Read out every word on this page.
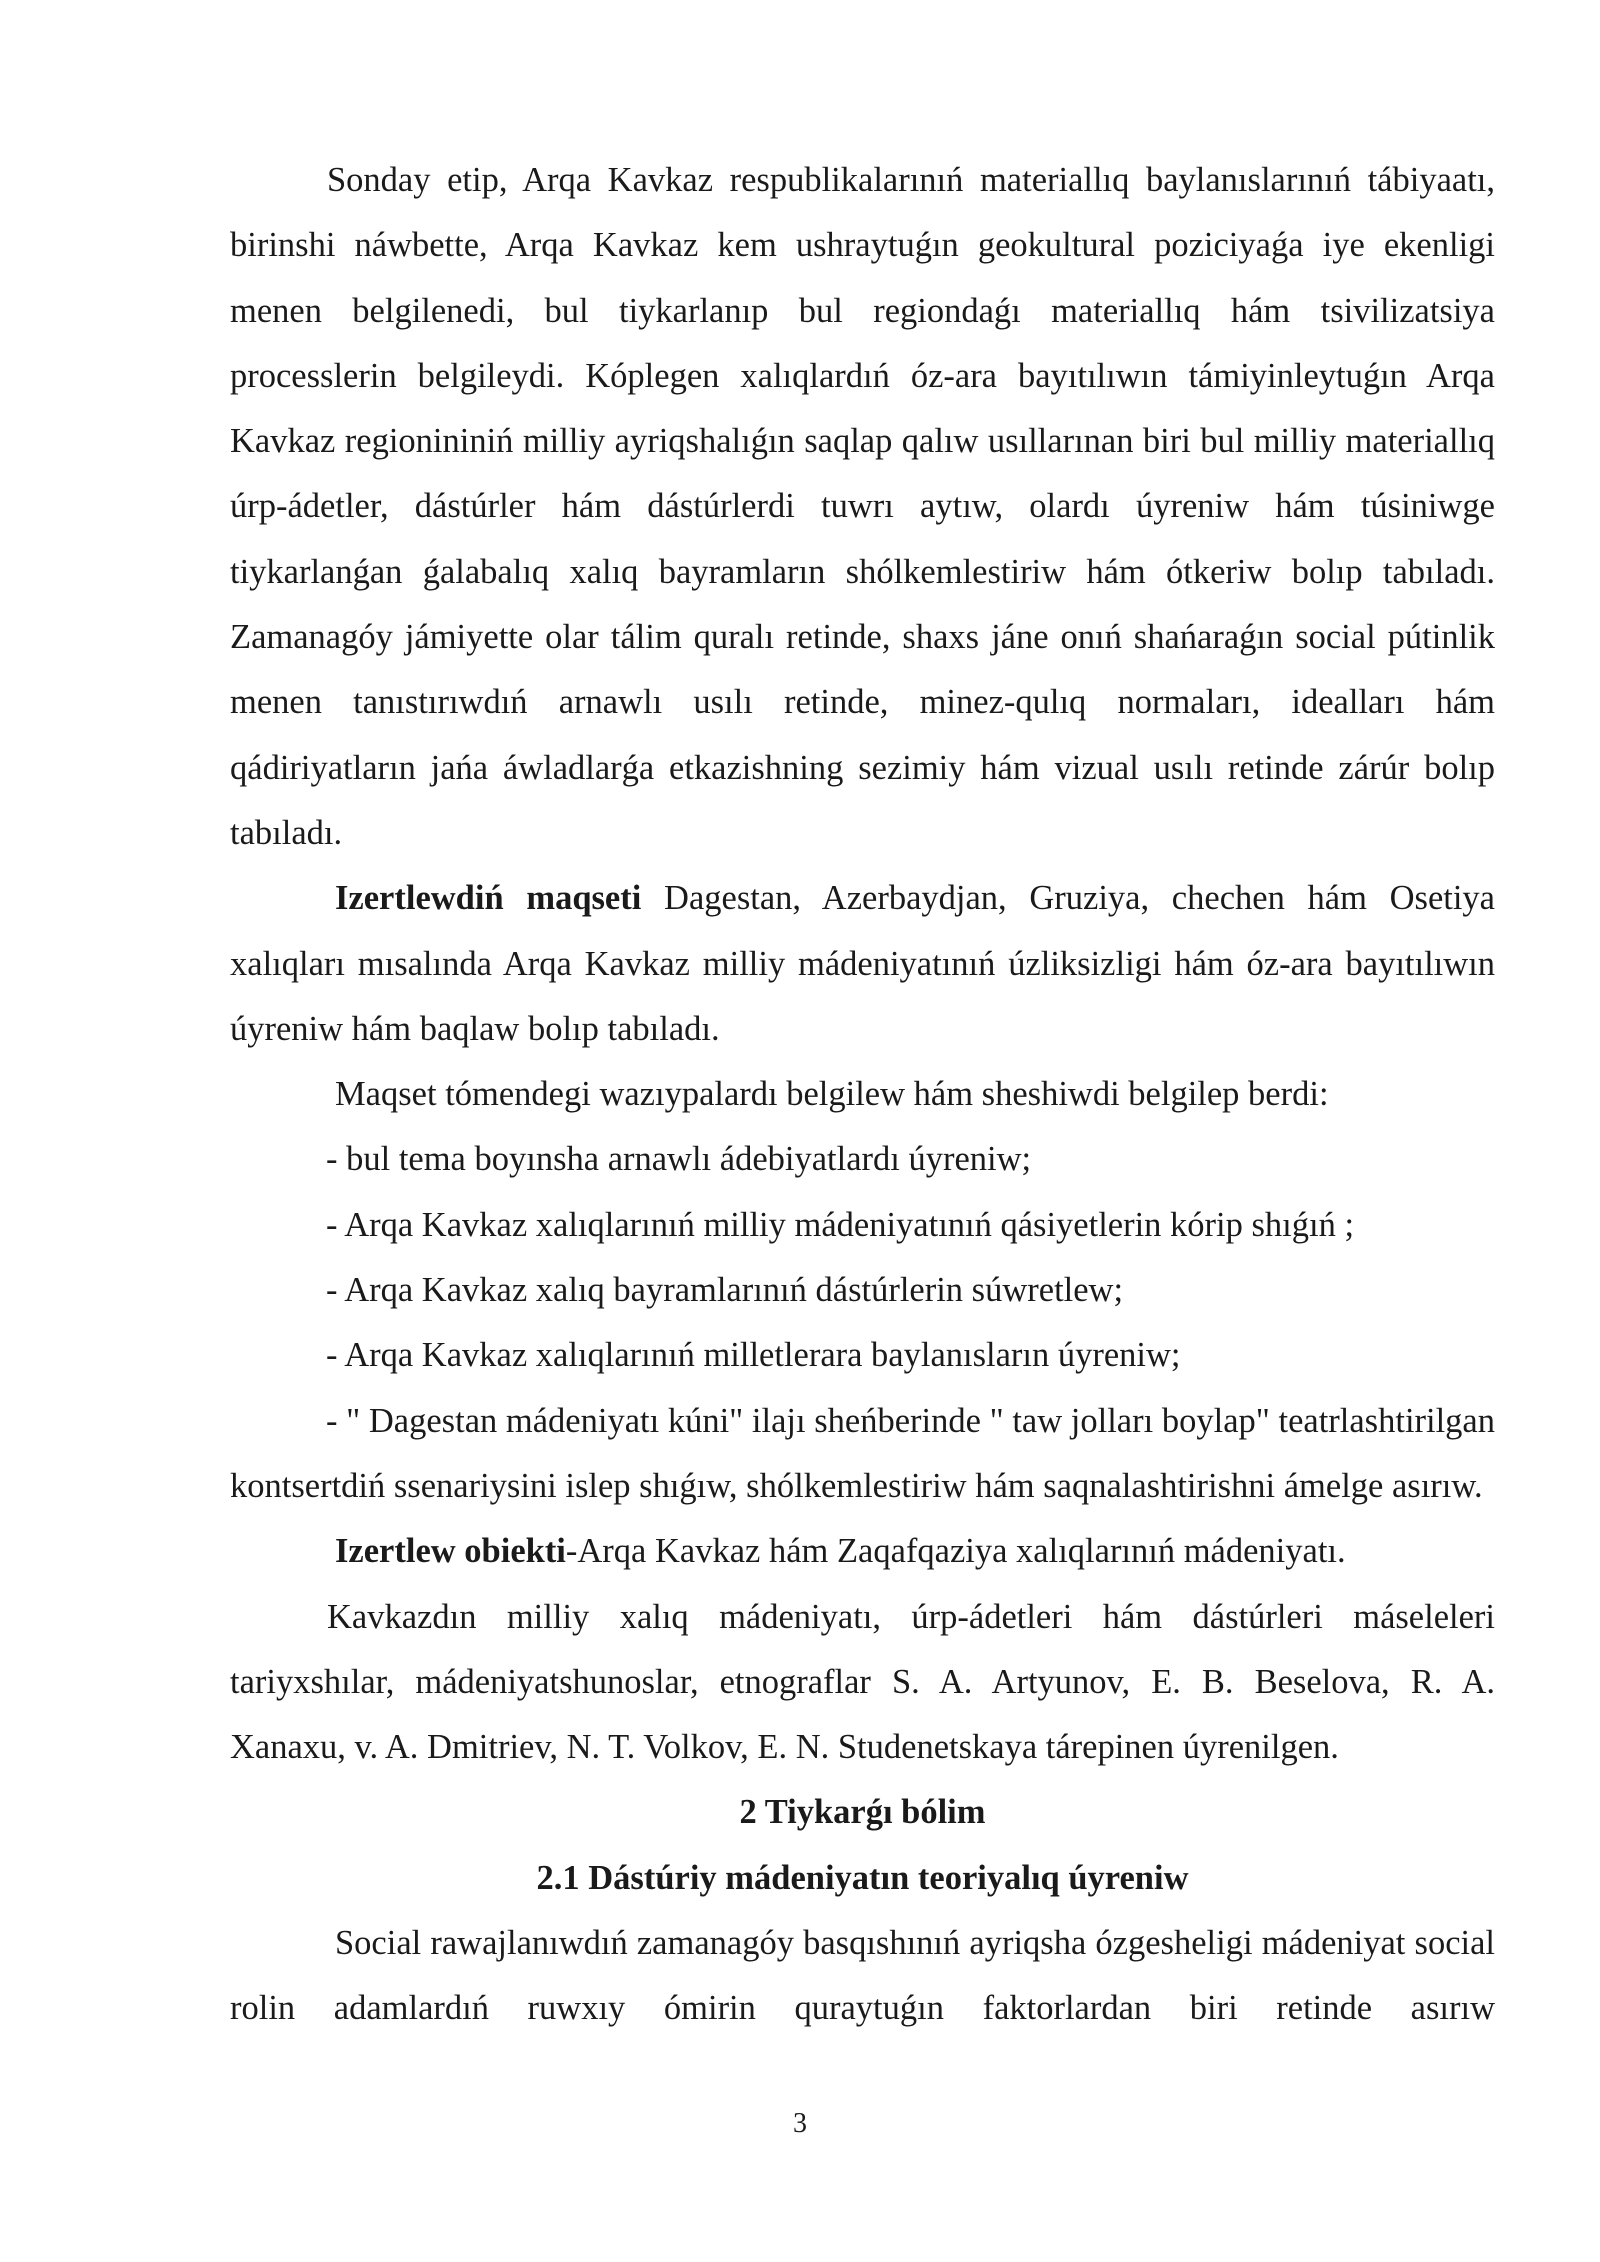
Sonday etip, Arqa Kavkaz respublikalarınıń materiallıq baylanıslarınıń tábiyaatı, birinshi náwbette, Arqa Kavkaz kem ushraytuǵın geokultural poziciyaǵa iye ekenligi menen belgilenedi, bul tiykarlanıp bul regiondaǵı materiallıq hám tsivilizatsiya processlerin belgileydi. Kóplegen xalıqlardıń óz-ara bayıtılıwın támiyinleytuǵın Arqa Kavkaz regionininiń milliy ayriqshalıǵın saqlap qalıw usıllarınan biri bul milliy materiallıq úrp-ádetler, dástúrler hám dástúrlerdi tuwrı aytıw, olardı úyreniw hám túsiniwge tiykarlanǵan ǵalabalıq xalıq bayramların shólkemlestiriw hám ótkeriw bolıp tabıladı. Zamanagóy jámiyette olar tálim quralı retinde, shaxs jáne onıń shańaraǵın social pútinlik menen tanıstırıwdıń arnawlı usılı retinde, minez-qulıq normaları, idealları hám qádiriyatların jańa áwladlarǵa etkazishning sezimiy hám vizual usılı retinde zárúr bolıp tabıladı.

Izertlewdiń maqseti Dagestan, Azerbaydjan, Gruziya, chechen hám Osetiya xalıqları mısalında Arqa Kavkaz milliy mádeniyatınıń úzliksizligi hám óz-ara bayıtılıwın úyreniw hám baqlaw bolıp tabıladı.

Maqset tómendegi wazıypalardı belgilew hám sheshiwdi belgilep berdi:

- bul tema boyınsha arnawlı ádebiyatlardı úyreniw;

- Arqa Kavkaz xalıqlarınıń milliy mádeniyatınıń qásiyetlerin kórip shıǵıń ;

- Arqa Kavkaz xalıq bayramlarınıń dástúrlerin súwretlew;

- Arqa Kavkaz xalıqlarınıń milletlerara baylanısların úyreniw;

- " Dagestan mádeniyatı kúni" ilajı sheńberinde " taw jolları boylap" teatrlashtirilgan kontsertdiń ssenariysini islep shıǵıw, shólkemlestiriw hám saqnalashtirishni ámelge asırıw.

Izertlew obiekti-Arqa Kavkaz hám Zaqafqaziya xalıqlarınıń mádeniyatı.

Kavkazdın milliy xalıq mádeniyatı, úrp-ádetleri hám dástúrleri máseleleri tariyxshılar, mádeniyatshunoslar, etnograflar S. A. Artyunov, E. B. Beselova, R. A. Xanaxu, v. A. Dmitriev, N. T. Volkov, E. N. Studenetskaya tárepinen úyrenilgen.

2 Tiykarǵı bólim

2.1 Dástúriy mádeniyatın teoriyalıq úyreniw

Social rawajlanıwdıń zamanagóy basqıshınıń ayriqsha ózgesheligi mádeniyat social rolin adamlardıń ruwxıy ómirin quraytuǵın faktorlardan biri retinde asırıw

3
